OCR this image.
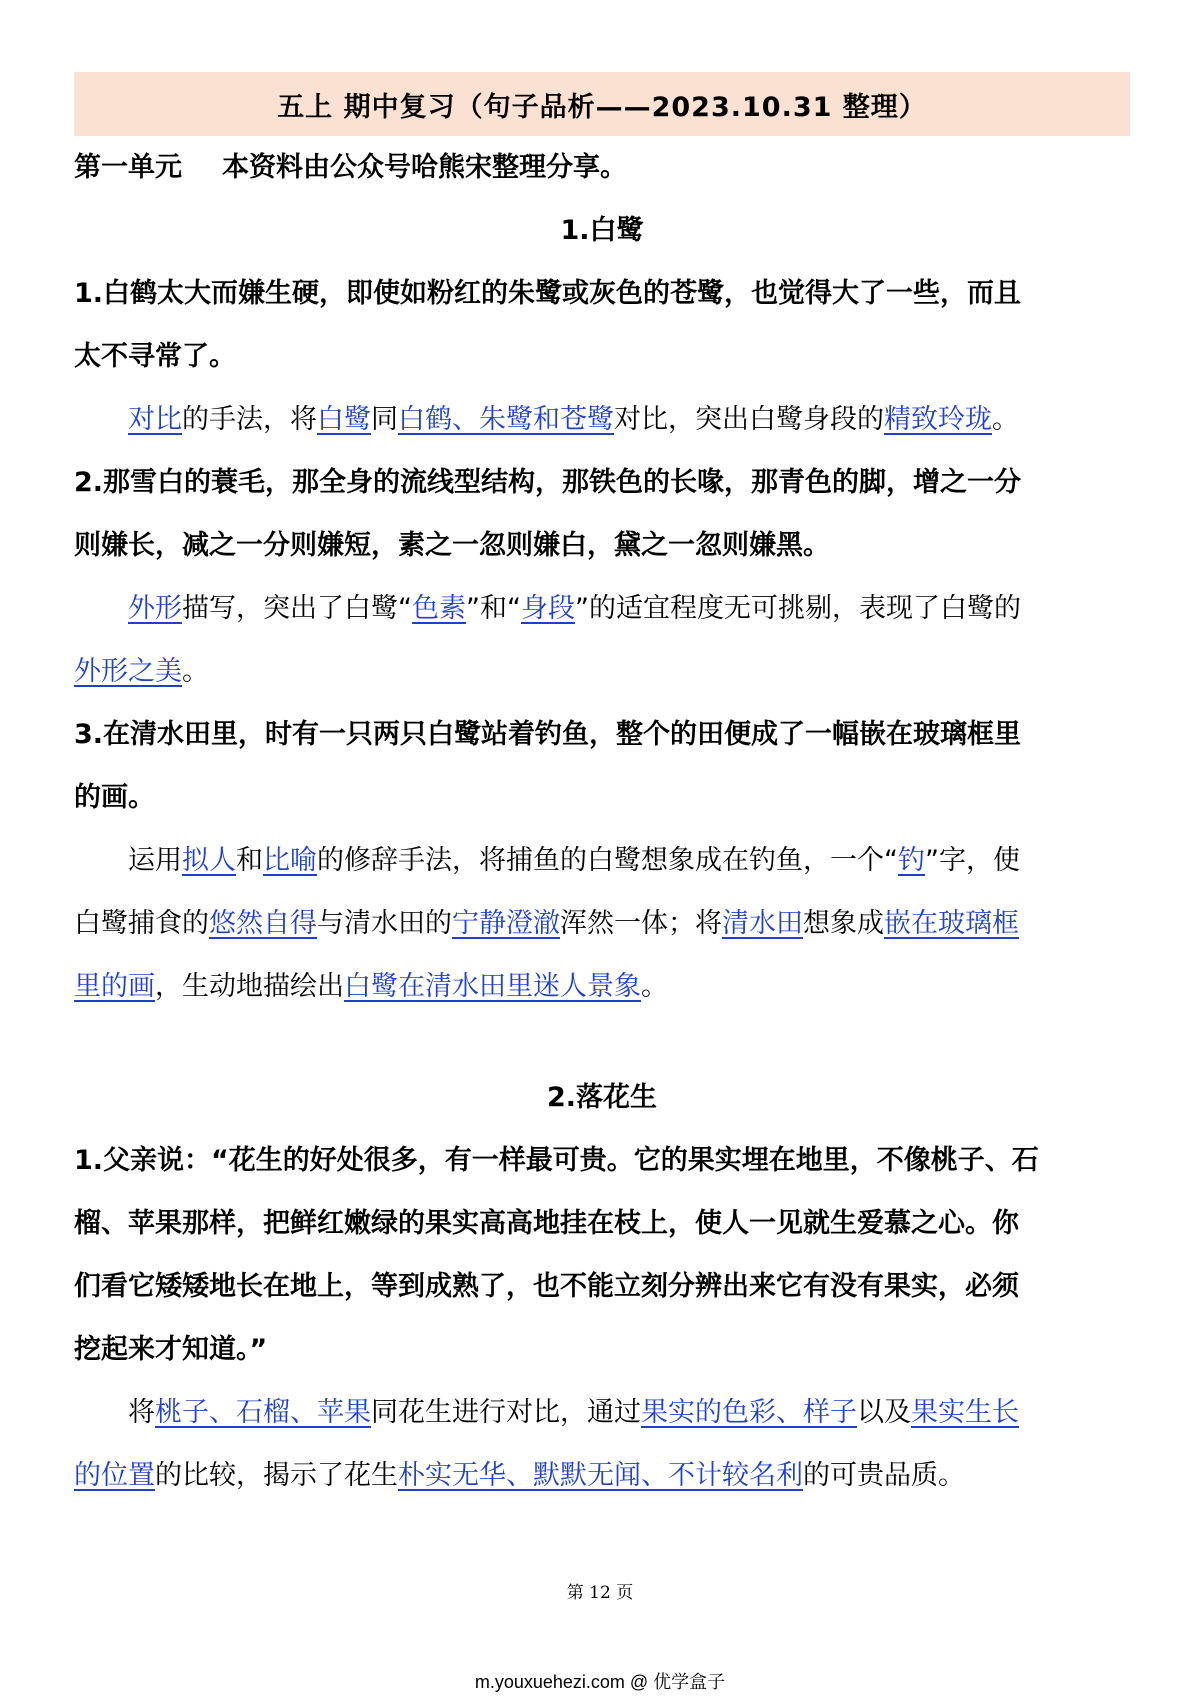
五上 期中复习（句子品析——2023.10.31 整理）
第一单元 本资料由公众号哈熊宋整理分享。
1.白鹭
1.白鹤太大而嫌生硬，即使如粉红的朱鹭或灰色的苍鹭，也觉得大了一些，而且
太不寻常了。
对比的手法，将白鹭同白鹤、朱鹭和苍鹭对比，突出白鹭身段的精致玲珑。
2.那雪白的蓑毛，那全身的流线型结构，那铁色的长喙，那青色的脚，增之一分
则嫌长，减之一分则嫌短，素之一忽则嫌白，黛之一忽则嫌黑。
外形描写，突出了白鹭“色素”和“身段”的适宜程度无可挑剔，表现了白鹭的
外形之美。
3.在清水田里，时有一只两只白鹭站着钓鱼，整个的田便成了一幅嵌在玻璃框里
的画。
运用拟人和比喻的修辞手法，将捕鱼的白鹭想象成在钓鱼，一个“钓”字，使
白鹭捕食的悠然自得与清水田的宁静澄澈浑然一体；将清水田想象成嵌在玻璃框
里的画，生动地描绘出白鹭在清水田里迷人景象。
2.落花生
1.父亲说：“花生的好处很多，有一样最可贵。它的果实埋在地里，不像桃子、石
榴、苹果那样，把鲜红嫩绿的果实高高地挂在枝上，使人一见就生爱慕之心。你
们看它矮矮地长在地上，等到成熟了，也不能立刻分辨出来它有没有果实，必须
挖起来才知道。”
将桃子、石榴、苹果同花生进行对比，通过果实的色彩、样子以及果实生长
的位置的比较，揭示了花生朴实无华、默默无闻、不计较名利的可贵品质。
第 12 页
m.youxuehezi.com @ 优学盒子
